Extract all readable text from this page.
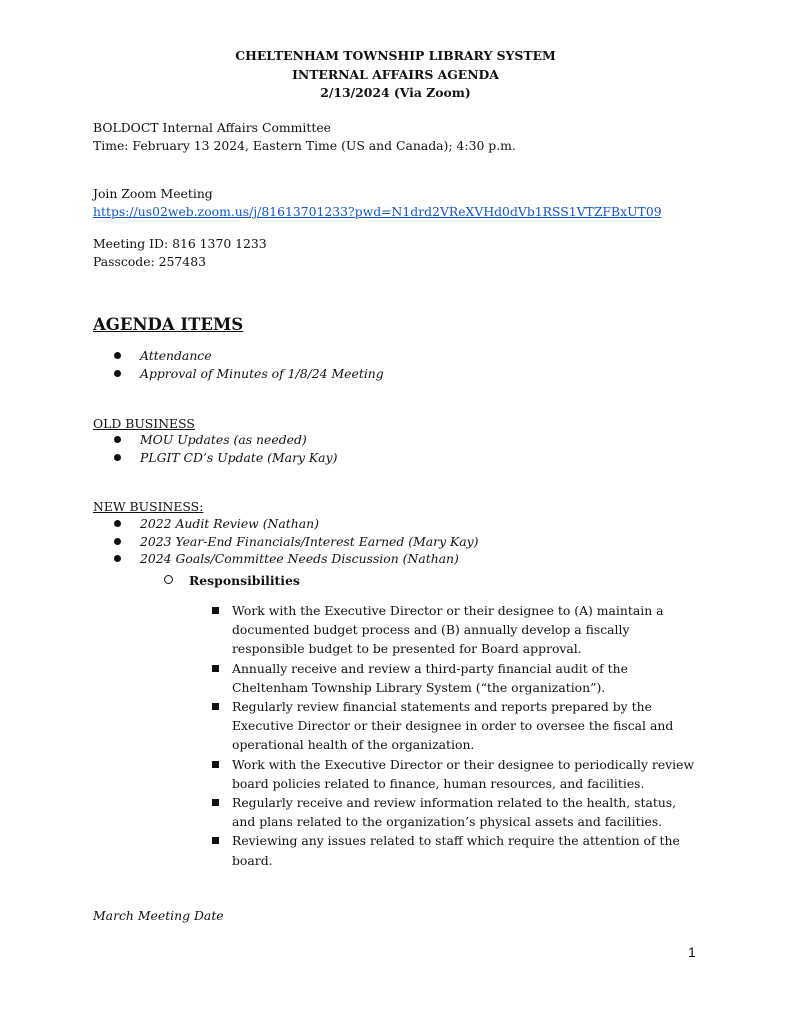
CHELTENHAM TOWNSHIP LIBRARY SYSTEM
INTERNAL AFFAIRS AGENDA
2/13/2024 (Via Zoom)
BOLDOCT Internal Affairs Committee
Time: February 13 2024, Eastern Time (US and Canada); 4:30 p.m.
Join Zoom Meeting
https://us02web.zoom.us/j/81613701233?pwd=N1drd2VReXVHd0dVb1RSS1VTZFBxUT09
Meeting ID: 816 1370 1233
Passcode: 257483
AGENDA ITEMS
Attendance
Approval of Minutes of 1/8/24 Meeting
OLD BUSINESS
MOU Updates (as needed)
PLGIT CD’s Update (Mary Kay)
NEW BUSINESS:
2022 Audit Review (Nathan)
2023 Year-End Financials/Interest Earned (Mary Kay)
2024 Goals/Committee Needs Discussion (Nathan)
Responsibilities
Work with the Executive Director or their designee to (A) maintain a documented budget process and (B) annually develop a fiscally responsible budget to be presented for Board approval.
Annually receive and review a third-party financial audit of the Cheltenham Township Library System (“the organization”).
Regularly review financial statements and reports prepared by the Executive Director or their designee in order to oversee the fiscal and operational health of the organization.
Work with the Executive Director or their designee to periodically review board policies related to finance, human resources, and facilities.
Regularly receive and review information related to the health, status, and plans related to the organization’s physical assets and facilities.
Reviewing any issues related to staff which require the attention of the board.
March Meeting Date
1
